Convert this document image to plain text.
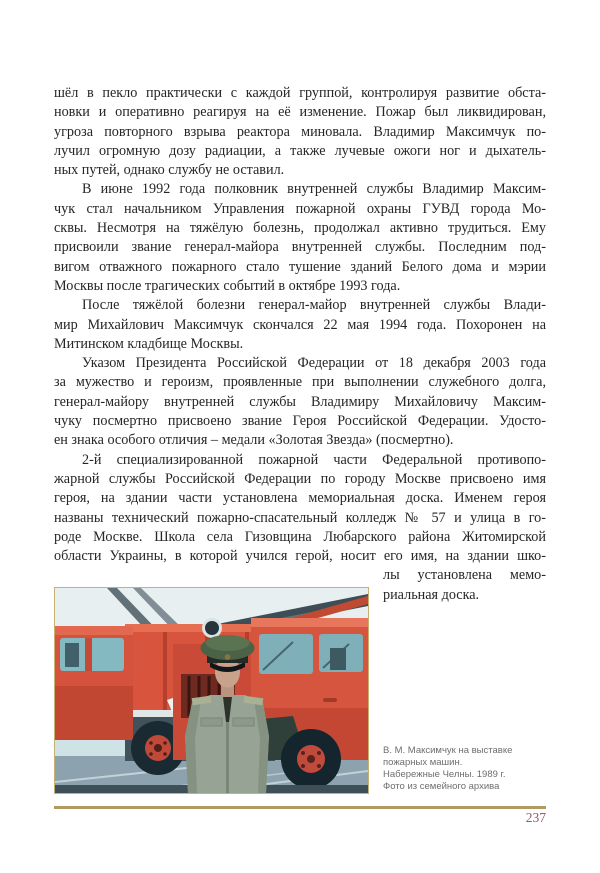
шёл в пекло практически с каждой группой, контролируя развитие обста-
новки и оперативно реагируя на её изменение. Пожар был ликвидирован,
угроза повторного взрыва реактора миновала. Владимир Максимчук по-
лучил огромную дозу радиации, а также лучевые ожоги ног и дыхатель-
ных путей, однако службу не оставил.
В июне 1992 года полковник внутренней службы Владимир Максим-
чук стал начальником Управления пожарной охраны ГУВД города Мо-
сквы. Несмотря на тяжёлую болезнь, продолжал активно трудиться. Ему
присвоили звание генерал-майора внутренней службы. Последним под-
вигом отважного пожарного стало тушение зданий Белого дома и мэрии
Москвы после трагических событий в октябре 1993 года.
После тяжёлой болезни генерал-майор внутренней службы Влади-
мир Михайлович Максимчук скончался 22 мая 1994 года. Похоронен на
Митинском кладбище Москвы.
Указом Президента Российской Федерации от 18 декабря 2003 года
за мужество и героизм, проявленные при выполнении служебного долга,
генерал-майору внутренней службы Владимиру Михайловичу Максим-
чуку посмертно присвоено звание Героя Российской Федерации. Удосто-
ен знака особого отличия – медали «Золотая Звезда» (посмертно).
2-й специализированной пожарной части Федеральной противопо-
жарной службы Российской Федерации по городу Москве присвоено имя
героя, на здании части установлена мемориальная доска. Именем героя
названы технический пожарно-спасательный колледж № 57 и улица в го-
роде Москве. Школа села Гизовщина Любарского района Житомирской
области Украины, в которой учился герой, носит его имя, на здании шко-
лы установлена мемо-
риальная доска.
В. М. Максимчук на выставке
пожарных машин.
Набережные Челны. 1989 г.
Фото из семейного архива
237
